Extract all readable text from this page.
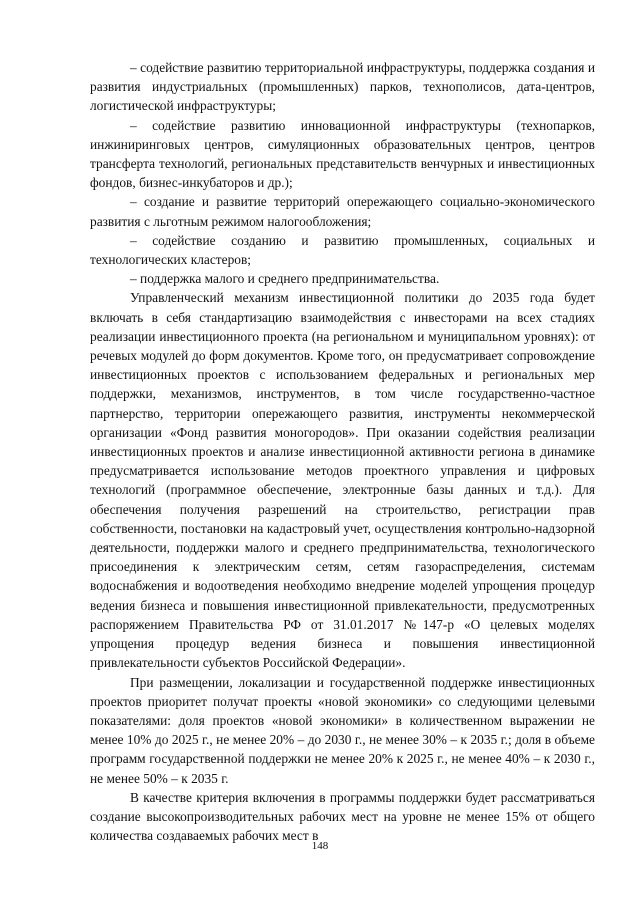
– содействие развитию территориальной инфраструктуры, поддержка создания и развития индустриальных (промышленных) парков, технополисов, дата-центров, логистической инфраструктуры;

– содействие развитию инновационной инфраструктуры (технопарков, инжиниринговых центров, симуляционных образовательных центров, центров трансферта технологий, региональных представительств венчурных и инвестиционных фондов, бизнес-инкубаторов и др.);

– создание и развитие территорий опережающего социально-экономического развития с льготным режимом налогообложения;

– содействие созданию и развитию промышленных, социальных и технологических кластеров;

– поддержка малого и среднего предпринимательства.

Управленческий механизм инвестиционной политики до 2035 года будет включать в себя стандартизацию взаимодействия с инвесторами на всех стадиях реализации инвестиционного проекта (на региональном и муниципальном уровнях): от речевых модулей до форм документов. Кроме того, он предусматривает сопровождение инвестиционных проектов с использованием федеральных и региональных мер поддержки, механизмов, инструментов, в том числе государственно-частное партнерство, территории опережающего развития, инструменты некоммерческой организации «Фонд развития моногородов». При оказании содействия реализации инвестиционных проектов и анализе инвестиционной активности региона в динамике предусматривается использование методов проектного управления и цифровых технологий (программное обеспечение, электронные базы данных и т.д.). Для обеспечения получения разрешений на строительство, регистрации прав собственности, постановки на кадастровый учет, осуществления контрольно-надзорной деятельности, поддержки малого и среднего предпринимательства, технологического присоединения к электрическим сетям, сетям газораспределения, системам водоснабжения и водоотведения необходимо внедрение моделей упрощения процедур ведения бизнеса и повышения инвестиционной привлекательности, предусмотренных распоряжением Правительства РФ от 31.01.2017 №147-р «О целевых моделях упрощения процедур ведения бизнеса и повышения инвестиционной привлекательности субъектов Российской Федерации».

При размещении, локализации и государственной поддержке инвестиционных проектов приоритет получат проекты «новой экономики» со следующими целевыми показателями: доля проектов «новой экономики» в количественном выражении не менее 10% до 2025 г., не менее 20% – до 2030 г., не менее 30% – к 2035 г.; доля в объеме программ государственной поддержки не менее 20% к 2025 г., не менее 40% – к 2030 г., не менее 50% – к 2035 г.

В качестве критерия включения в программы поддержки будет рассматриваться создание высокопроизводительных рабочих мест на уровне не менее 15% от общего количества создаваемых рабочих мест в

148
